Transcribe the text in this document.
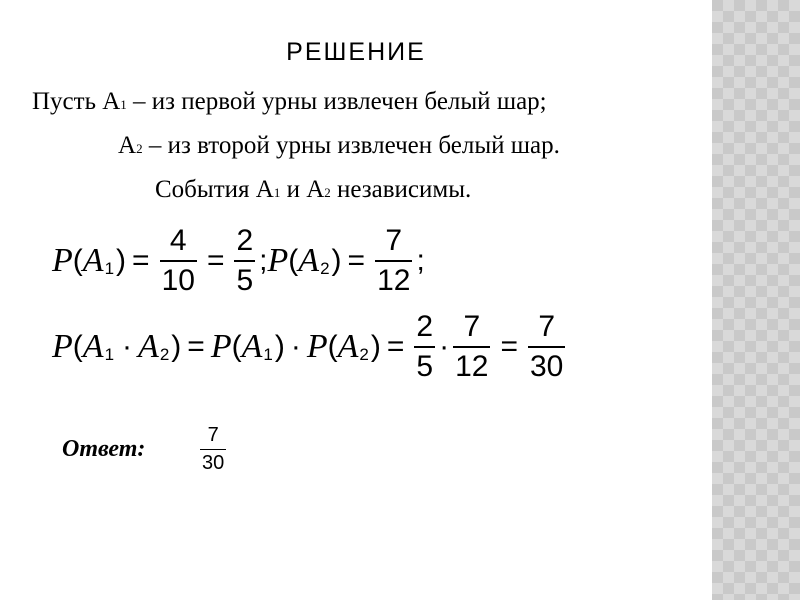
РЕШЕНИЕ
Пусть А1 – из первой урны извлечен белый шар;
А2 – из второй урны извлечен белый шар.
События А1 и А2 независимы.
P ( A 1 ) = $\frac{4}{10} = \frac{2}{5}$ ; P ( A 2 ) = $\frac{7}{12}$ ;
P ( A 1 · A 2 ) = P ( A 1 ) · P ( A 2 ) = $\frac{2}{5} \cdot \frac{7}{12} = \frac{7}{30}$
Ответ:
7
30
